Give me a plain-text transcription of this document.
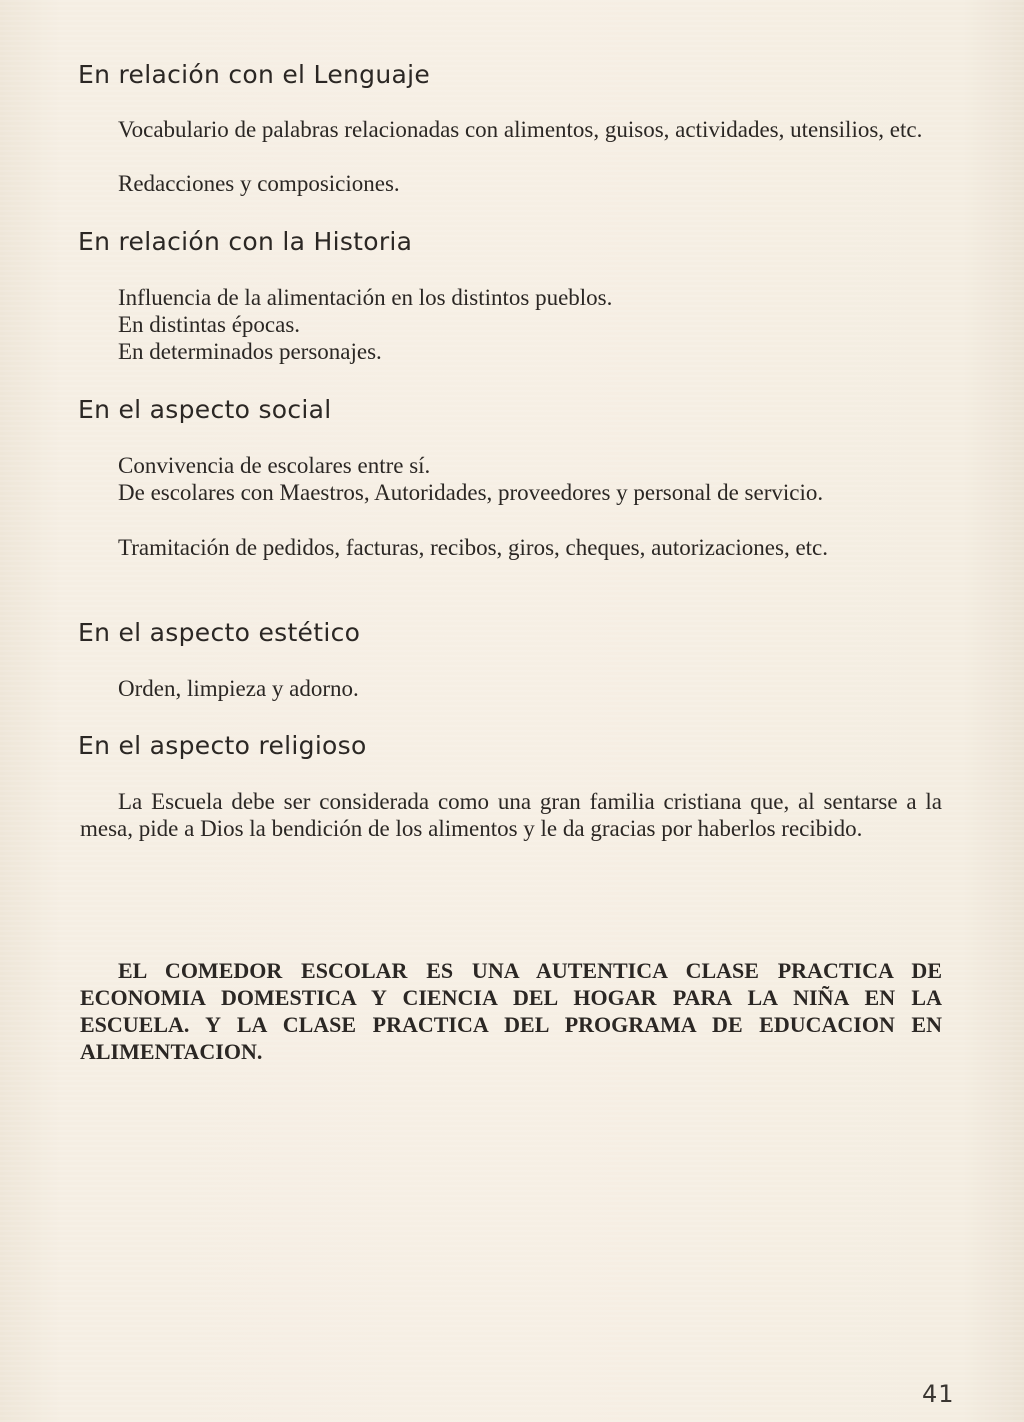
En relación con el Lenguaje

Vocabulario de palabras relacionadas con alimentos, guisos, actividades, utensilios, etc.

Redacciones y composiciones.

En relación con la Historia

Influencia de la alimentación en los distintos pueblos.

En distintas épocas.

En determinados personajes.

En el aspecto social

Convivencia de escolares entre sí.

De escolares con Maestros, Autoridades, proveedores y personal de servicio.

Tramitación de pedidos, facturas, recibos, giros, cheques, autorizaciones, etc.

En el aspecto estético

Orden, limpieza y adorno.

En el aspecto religioso

La Escuela debe ser considerada como una gran familia cristiana que, al sentarse a la mesa, pide a Dios la bendición de los alimentos y le da gracias por haberlos recibido.

EL COMEDOR ESCOLAR ES UNA AUTENTICA CLASE PRACTICA DE ECONOMIA DOMESTICA Y CIENCIA DEL HOGAR PARA LA NIÑA EN LA ESCUELA. Y LA CLASE PRACTICA DEL PROGRAMA DE EDUCACION EN ALIMENTACION.

41
